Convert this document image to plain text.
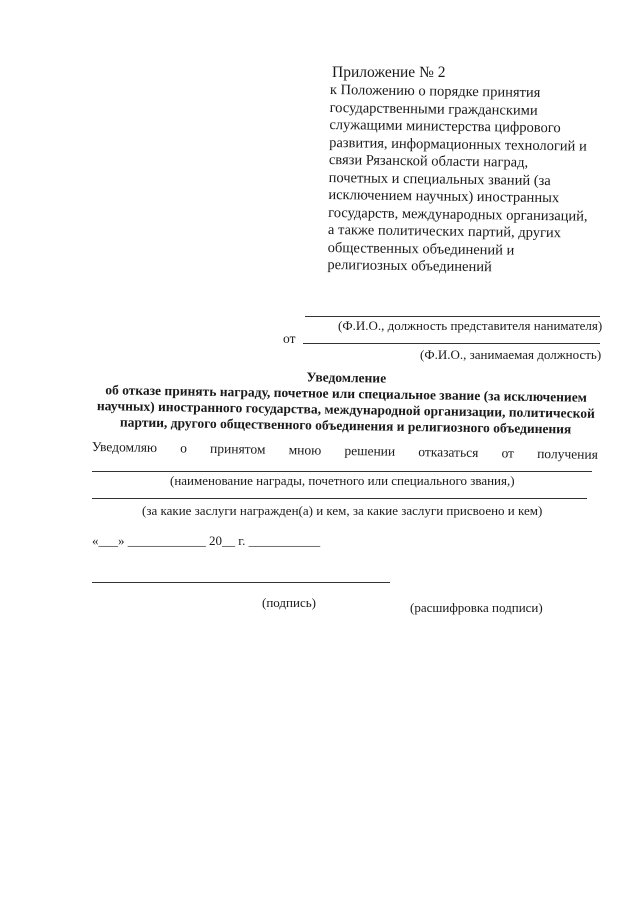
Приложение № 2
к Положению о порядке принятия
государственными гражданскими
служащими министерства цифрового
развития, информационных технологий и
связи Рязанской области наград,
почетных и специальных званий (за
исключением научных) иностранных
государств, международных организаций,
а также политических партий, других
общественных объединений и
религиозных объединений
(Ф.И.О., должность представителя нанимателя)
от
(Ф.И.О., занимаемая должность)
Уведомление
об отказе принять награду, почетное или специальное звание (за исключением
научных) иностранного государства, международной организации, политической
партии, другого общественного объединения и религиозного объединения
Уведомляю о принятом мною решении отказаться от получения
(наименование награды, почетного или специального звания,)
(за какие заслуги награжден(а) и кем, за какие заслуги присвоено и кем)
«___» ____________ 20__ г. ___________
(подпись)	(расшифровка подписи)
